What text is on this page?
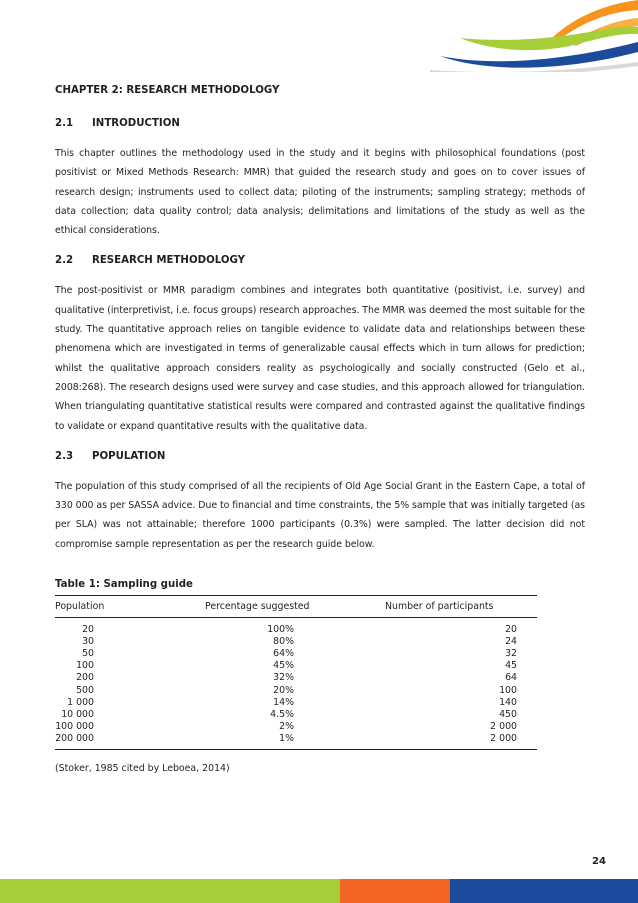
CHAPTER 2: RESEARCH METHODOLOGY

2.1	INTRODUCTION

This chapter outlines the methodology used in the study and it begins with philosophical foundations (post positivist or Mixed Methods Research: MMR) that guided the research study and goes on to cover issues of research design; instruments used to collect data; piloting of the instruments; sampling strategy; methods of data collection; data quality control; data analysis; delimitations and limitations of the study as well as the ethical considerations.

2.2	RESEARCH METHODOLOGY

The post-positivist or MMR paradigm combines and integrates both quantitative (positivist, i.e. survey) and qualitative (interpretivist, i.e. focus groups) research approaches. The MMR was deemed the most suitable for the study. The quantitative approach relies on tangible evidence to validate data and relationships between these phenomena which are investigated in terms of generalizable causal effects which in turn allows for prediction; whilst the qualitative approach considers reality as psychologically and socially constructed (Gelo et al., 2008:268). The research designs used were survey and case studies, and this approach allowed for triangulation. When triangulating quantitative statistical results were compared and contrasted against the qualitative findings to validate or expand quantitative results with the qualitative data.

2.3	POPULATION

The population of this study comprised of all the recipients of Old Age Social Grant in the Eastern Cape, a total of 330 000 as per SASSA advice. Due to financial and time constraints, the 5% sample that was initially targeted (as per SLA) was not attainable; therefore 1000 participants (0.3%) were sampled. The latter decision did not compromise sample representation as per the research guide below.

Table 1: Sampling guide

Population	Percentage suggested	Number of participants
20	100%	20
30	80%	24
50	64%	32
100	45%	45
200	32%	64
500	20%	100
1 000	14%	140
10 000	4.5%	450
100 000	2%	2 000
200 000	1%	2 000

(Stoker, 1985 cited by Leboea, 2014)

24
